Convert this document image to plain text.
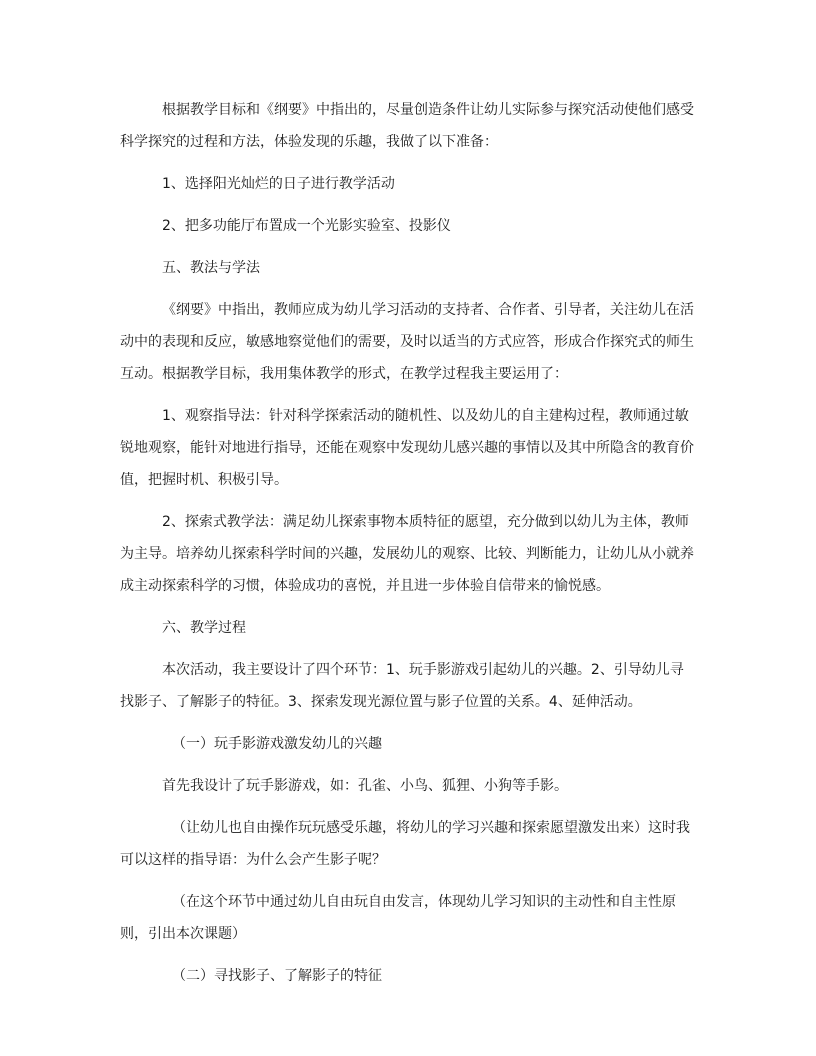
根据教学目标和《纲要》中指出的，尽量创造条件让幼儿实际参与探究活动使他们感受科学探究的过程和方法，体验发现的乐趣，我做了以下准备：

1、选择阳光灿烂的日子进行教学活动

2、把多功能厅布置成一个光影实验室、投影仪

五、教法与学法

《纲要》中指出，教师应成为幼儿学习活动的支持者、合作者、引导者，关注幼儿在活动中的表现和反应，敏感地察觉他们的需要，及时以适当的方式应答，形成合作探究式的师生互动。根据教学目标，我用集体教学的形式，在教学过程我主要运用了：

1、观察指导法：针对科学探索活动的随机性、以及幼儿的自主建构过程，教师通过敏锐地观察，能针对地进行指导，还能在观察中发现幼儿感兴趣的事情以及其中所隐含的教育价值，把握时机、积极引导。

2、探索式教学法：满足幼儿探索事物本质特征的愿望，充分做到以幼儿为主体，教师为主导。培养幼儿探索科学时间的兴趣，发展幼儿的观察、比较、判断能力，让幼儿从小就养成主动探索科学的习惯，体验成功的喜悦，并且进一步体验自信带来的愉悦感。

六、教学过程

本次活动，我主要设计了四个环节：1、玩手影游戏引起幼儿的兴趣。2、引导幼儿寻找影子、了解影子的特征。3、探索发现光源位置与影子位置的关系。4、延伸活动。

（一）玩手影游戏激发幼儿的兴趣

首先我设计了玩手影游戏，如：孔雀、小鸟、狐狸、小狗等手影。

（让幼儿也自由操作玩玩感受乐趣，将幼儿的学习兴趣和探索愿望激发出来）这时我可以这样的指导语：为什么会产生影子呢？

（在这个环节中通过幼儿自由玩自由发言，体现幼儿学习知识的主动性和自主性原则，引出本次课题）

（二）寻找影子、了解影子的特征
